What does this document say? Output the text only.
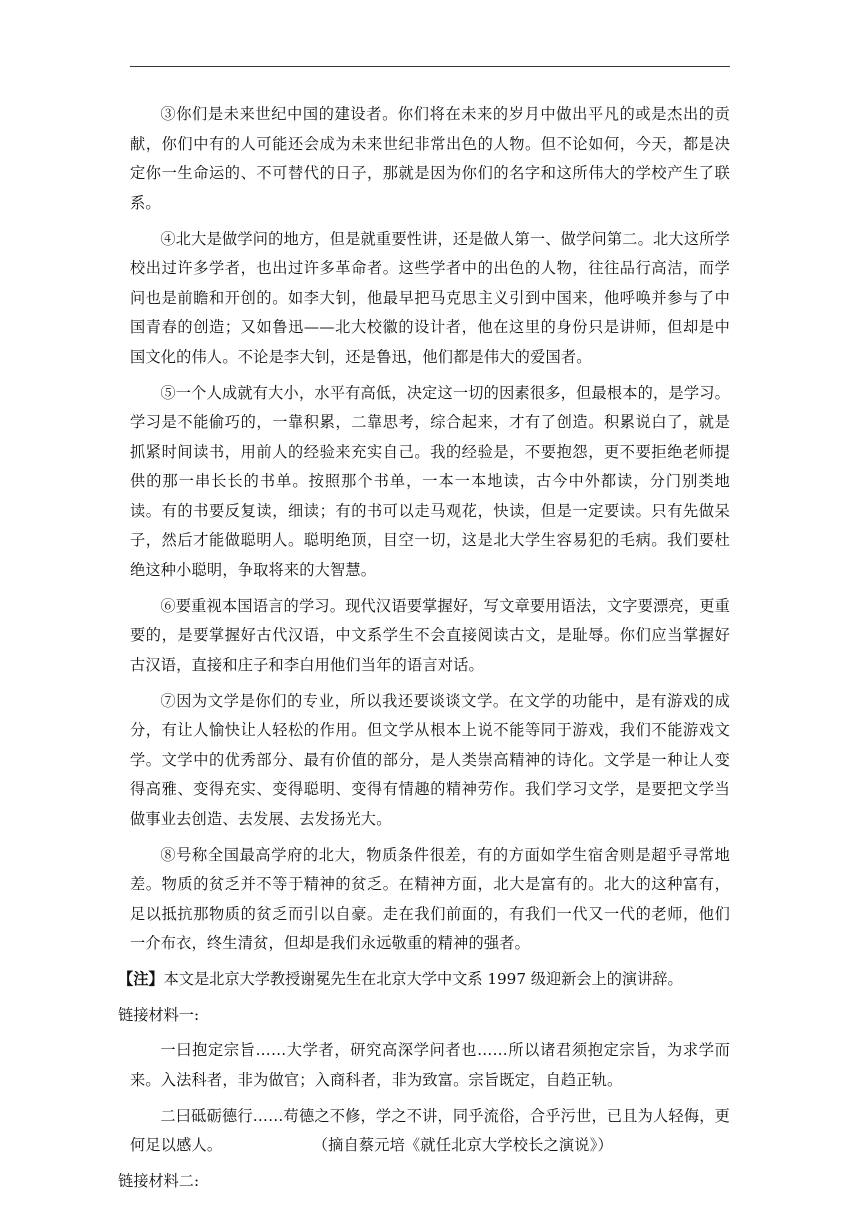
③你们是未来世纪中国的建设者。你们将在未来的岁月中做出平凡的或是杰出的贡献，你们中有的人可能还会成为未来世纪非常出色的人物。但不论如何，今天，都是决定你一生命运的、不可替代的日子，那就是因为你们的名字和这所伟大的学校产生了联系。

④北大是做学问的地方，但是就重要性讲，还是做人第一、做学问第二。北大这所学校出过许多学者，也出过许多革命者。这些学者中的出色的人物，往往品行高洁，而学问也是前瞻和开创的。如李大钊，他最早把马克思主义引到中国来，他呼唤并参与了中国青春的创造；又如鲁迅——北大校徽的设计者，他在这里的身份只是讲师，但却是中国文化的伟人。不论是李大钊，还是鲁迅，他们都是伟大的爱国者。

⑤一个人成就有大小，水平有高低，决定这一切的因素很多，但最根本的，是学习。学习是不能偷巧的，一靠积累，二靠思考，综合起来，才有了创造。积累说白了，就是抓紧时间读书，用前人的经验来充实自己。我的经验是，不要抱怨，更不要拒绝老师提供的那一串长长的书单。按照那个书单，一本一本地读，古今中外都读，分门别类地读。有的书要反复读，细读；有的书可以走马观花，快读，但是一定要读。只有先做呆子，然后才能做聪明人。聪明绝顶，目空一切，这是北大学生容易犯的毛病。我们要杜绝这种小聪明，争取将来的大智慧。

⑥要重视本国语言的学习。现代汉语要掌握好，写文章要用语法，文字要漂亮，更重要的，是要掌握好古代汉语，中文系学生不会直接阅读古文，是耻辱。你们应当掌握好古汉语，直接和庄子和李白用他们当年的语言对话。

⑦因为文学是你们的专业，所以我还要谈谈文学。在文学的功能中，是有游戏的成分，有让人愉快让人轻松的作用。但文学从根本上说不能等同于游戏，我们不能游戏文学。文学中的优秀部分、最有价值的部分，是人类崇高精神的诗化。文学是一种让人变得高雅、变得充实、变得聪明、变得有情趣的精神劳作。我们学习文学，是要把文学当做事业去创造、去发展、去发扬光大。

⑧号称全国最高学府的北大，物质条件很差，有的方面如学生宿舍则是超乎寻常地差。物质的贫乏并不等于精神的贫乏。在精神方面，北大是富有的。北大的这种富有，足以抵抗那物质的贫乏而引以自豪。走在我们前面的，有我们一代又一代的老师，他们一介布衣，终生清贫，但却是我们永远敬重的精神的强者。

【注】本文是北京大学教授谢冕先生在北京大学中文系 1997 级迎新会上的演讲辞。

链接材料一:

一曰抱定宗旨……大学者，研究高深学问者也……所以诸君须抱定宗旨，为求学而来。入法科者，非为做官；入商科者，非为致富。宗旨既定，自趋正轨。

二曰砥砺德行……苟德之不修，学之不讲，同乎流俗，合乎污世，已且为人轻侮，更何足以感人。	（摘自蔡元培《就任北京大学校长之演说》）

链接材料二:
